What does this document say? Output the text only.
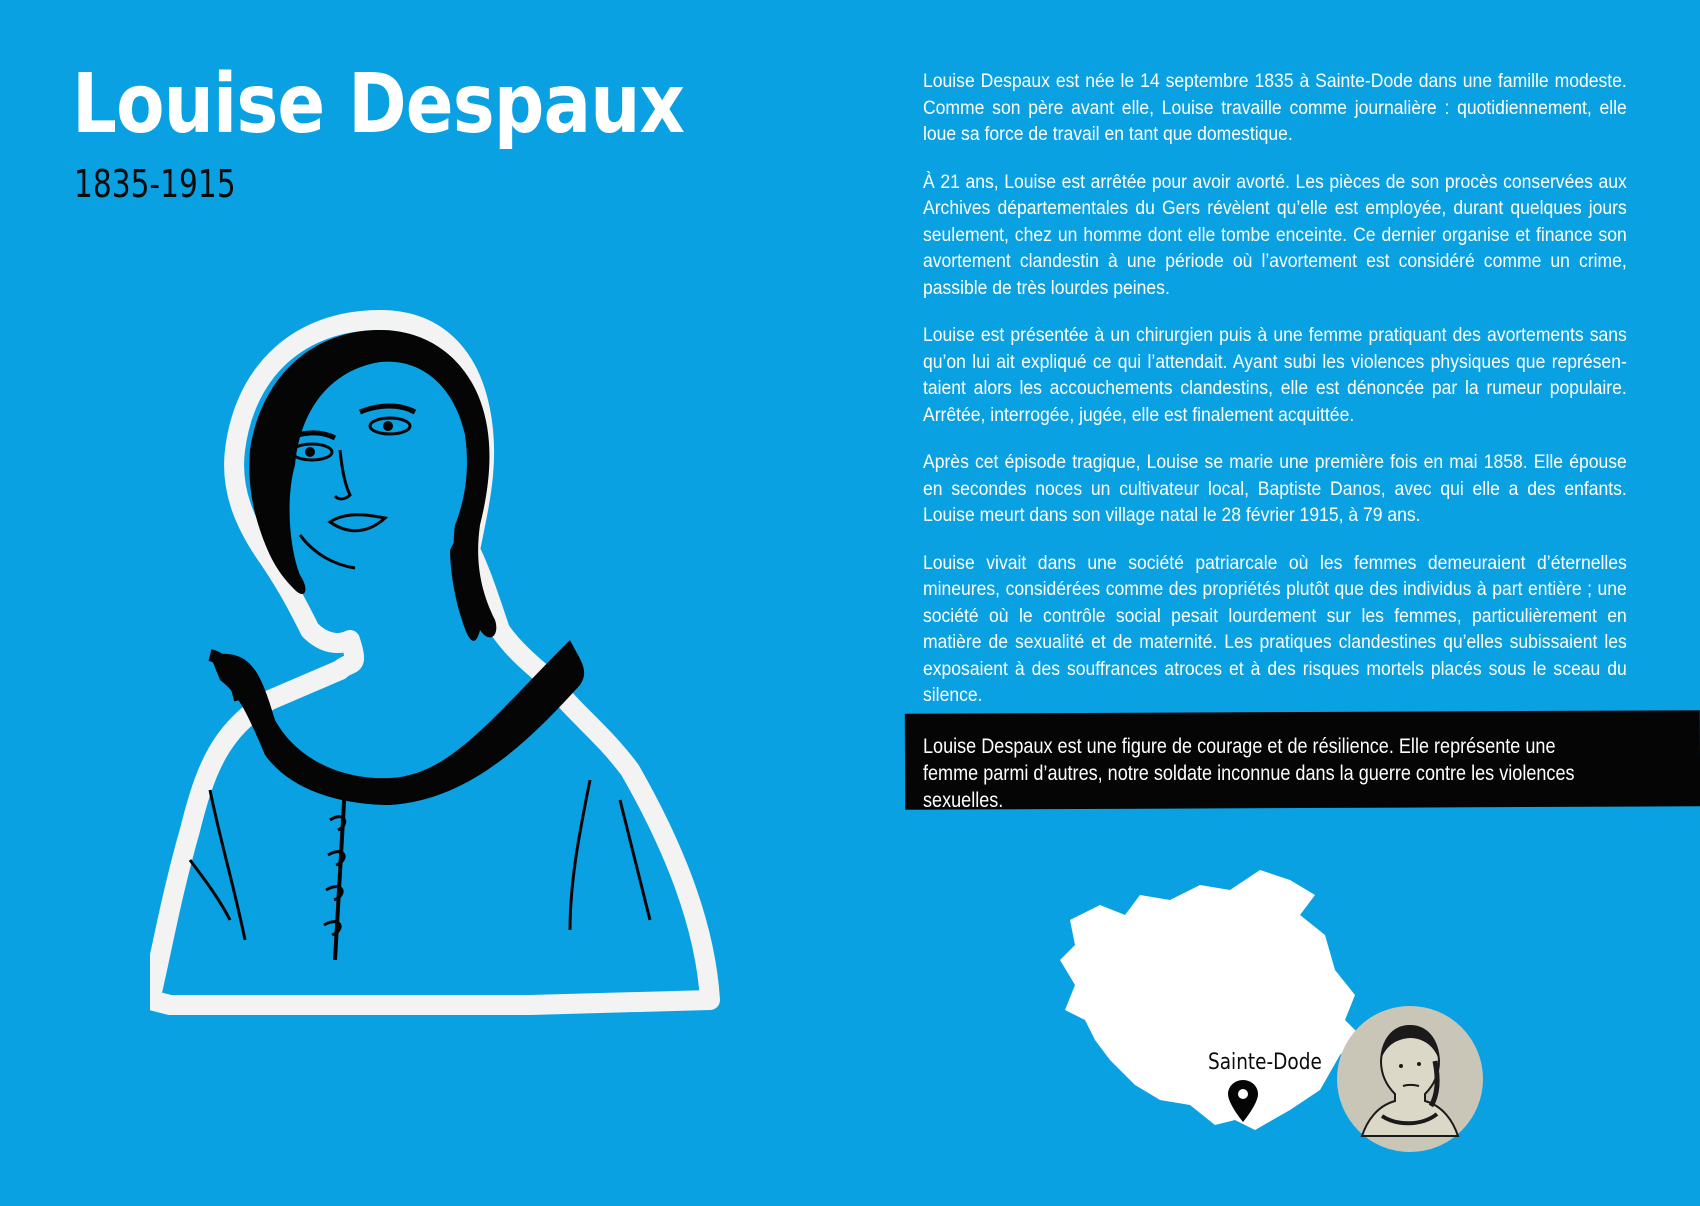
Louise Despaux
1835-1915

Louise Despaux est née le 14 septembre 1835 à Sainte-Dode dans une famille modeste. Comme son père avant elle, Louise travaille comme journalière : quotidiennement, elle loue sa force de travail en tant que domestique.

À 21 ans, Louise est arrêtée pour avoir avorté. Les pièces de son procès conservées aux Archives départementales du Gers révèlent qu’elle est employée, durant quelques jours seulement, chez un homme dont elle tombe enceinte. Ce dernier organise et finance son avortement clandestin à une période où l’avortement est considéré comme un crime, passible de très lourdes peines.

Louise est présentée à un chirurgien puis à une femme pratiquant des avortements sans qu’on lui ait expliqué ce qui l’attendait. Ayant subi les violences physiques que représen-taient alors les accouchements clandestins, elle est dénoncée par la rumeur populaire. Arrêtée, interrogée, jugée, elle est finalement acquittée.

Après cet épisode tragique, Louise se marie une première fois en mai 1858. Elle épouse en secondes noces un cultivateur local, Baptiste Danos, avec qui elle a des enfants. Louise meurt dans son village natal le 28 février 1915, à 79 ans.

Louise vivait dans une société patriarcale où les femmes demeuraient d’éternelles mineures, considérées comme des propriétés plutôt que des individus à part entière ; une société où le contrôle social pesait lourdement sur les femmes, particulièrement en matière de sexualité et de maternité. Les pratiques clandestines qu’elles subissaient les exposaient à des souffrances atroces et à des risques mortels placés sous le sceau du silence.

Louise Despaux est une figure de courage et de résilience. Elle représente une femme parmi d’autres, notre soldate inconnue dans la guerre contre les violences sexuelles.

Sainte-Dode
